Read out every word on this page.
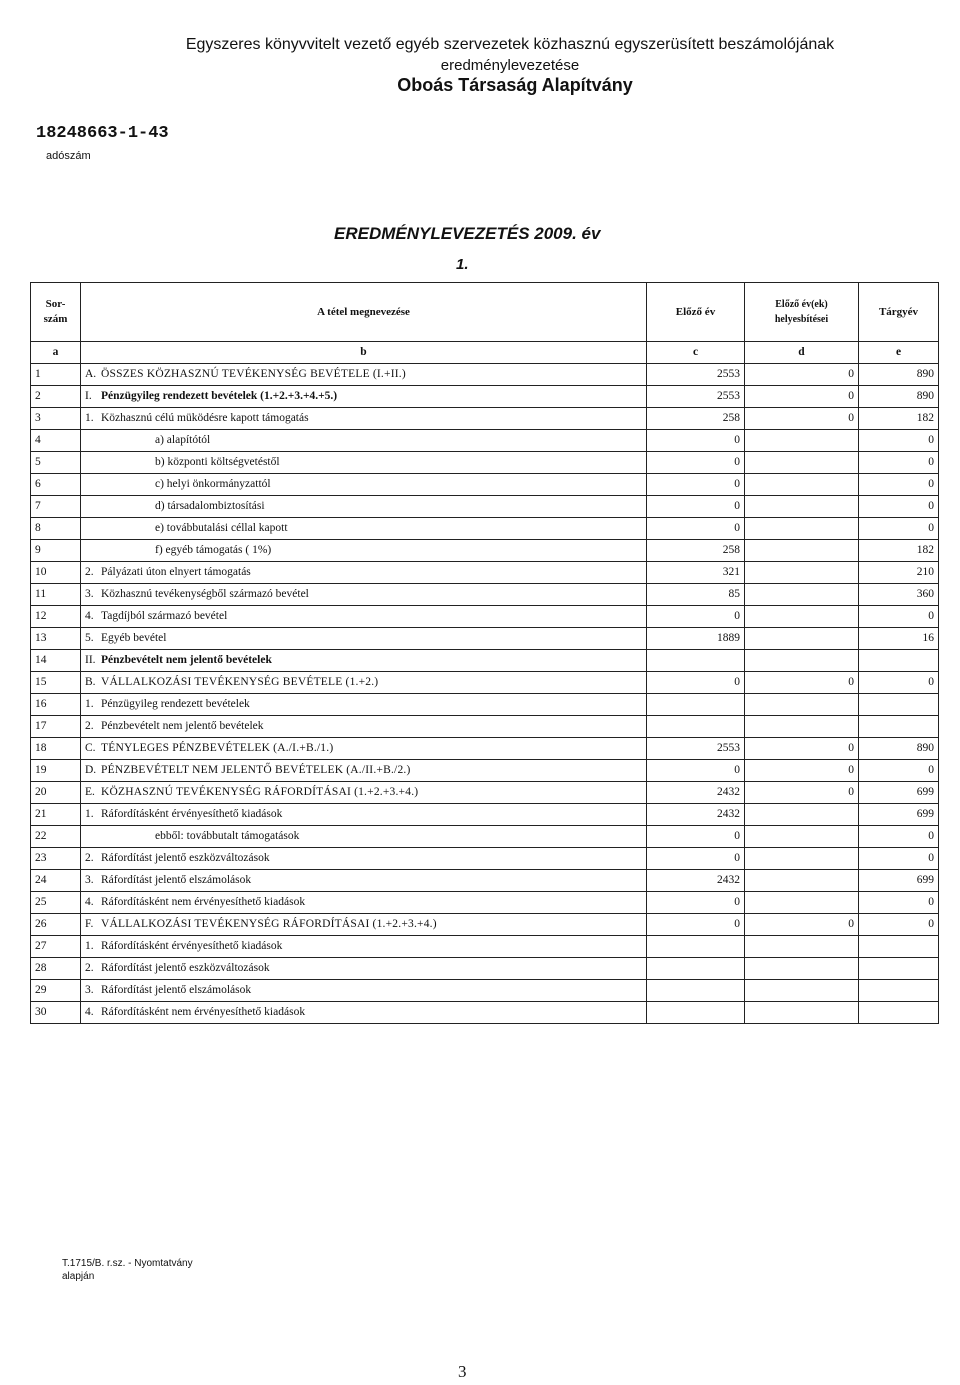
Egyszeres könyvvitelt vezető egyéb szervezetek közhasznú egyszerüsített beszámolójának
eredménylevezetése
Oboás Társaság Alapítvány
18248663-1-43
adószám
EREDMÉNYLEVEZETÉS 2009. év
1.
Sor-szám	A tétel megnevezése	Előző év	Előző év(ek) helyesbítései	Tárgyév
a	b	c	d	e
1	A. ÖSSZES KÖZHASZNÚ TEVÉKENYSÉG BEVÉTELE (I.+II.)	2553	0	890
2	I. Pénzügyileg rendezett bevételek (1.+2.+3.+4.+5.)	2553	0	890
3	1. Közhasznú célú müködésre kapott támogatás	258	0	182
4	a) alapítótól	0		0
5	b) központi költségvetéstől	0		0
6	c) helyi önkormányzattól	0		0
7	d) társadalombiztosítási	0		0
8	e) továbbutalási céllal kapott	0		0
9	f) egyéb támogatás ( 1%)	258		182
10	2. Pályázati úton elnyert támogatás	321		210
11	3. Közhasznú tevékenységből származó bevétel	85		360
12	4. Tagdíjból származó bevétel	0		0
13	5. Egyéb bevétel	1889		16
14	II. Pénzbevételt nem jelentő bevételek			
15	B. VÁLLALKOZÁSI TEVÉKENYSÉG BEVÉTELE (1.+2.)	0	0	0
16	1. Pénzügyileg rendezett bevételek			
17	2. Pénzbevételt nem jelentő bevételek			
18	C. TÉNYLEGES PÉNZBEVÉTELEK (A./I.+B./1.)	2553	0	890
19	D. PÉNZBEVÉTELT NEM JELENTŐ BEVÉTELEK (A./II.+B./2.)	0	0	0
20	E. KÖZHASZNÚ TEVÉKENYSÉG RÁFORDÍTÁSAI (1.+2.+3.+4.)	2432	0	699
21	1. Ráfordításként érvényesíthető kiadások	2432		699
22	ebből: továbbutalt támogatások	0		0
23	2. Ráfordítást jelentő eszközváltozások	0		0
24	3. Ráfordítást jelentő elszámolások	2432		699
25	4. Ráfordításként nem érvényesíthető kiadások	0		0
26	F. VÁLLALKOZÁSI TEVÉKENYSÉG RÁFORDÍTÁSAI (1.+2.+3.+4.)	0	0	0
27	1. Ráfordításként érvényesíthető kiadások			
28	2. Ráfordítást jelentő eszközváltozások			
29	3. Ráfordítást jelentő elszámolások			
30	4. Ráfordításként nem érvényesíthető kiadások			
T.1715/B. r.sz. - Nyomtatvány
alapján
3
